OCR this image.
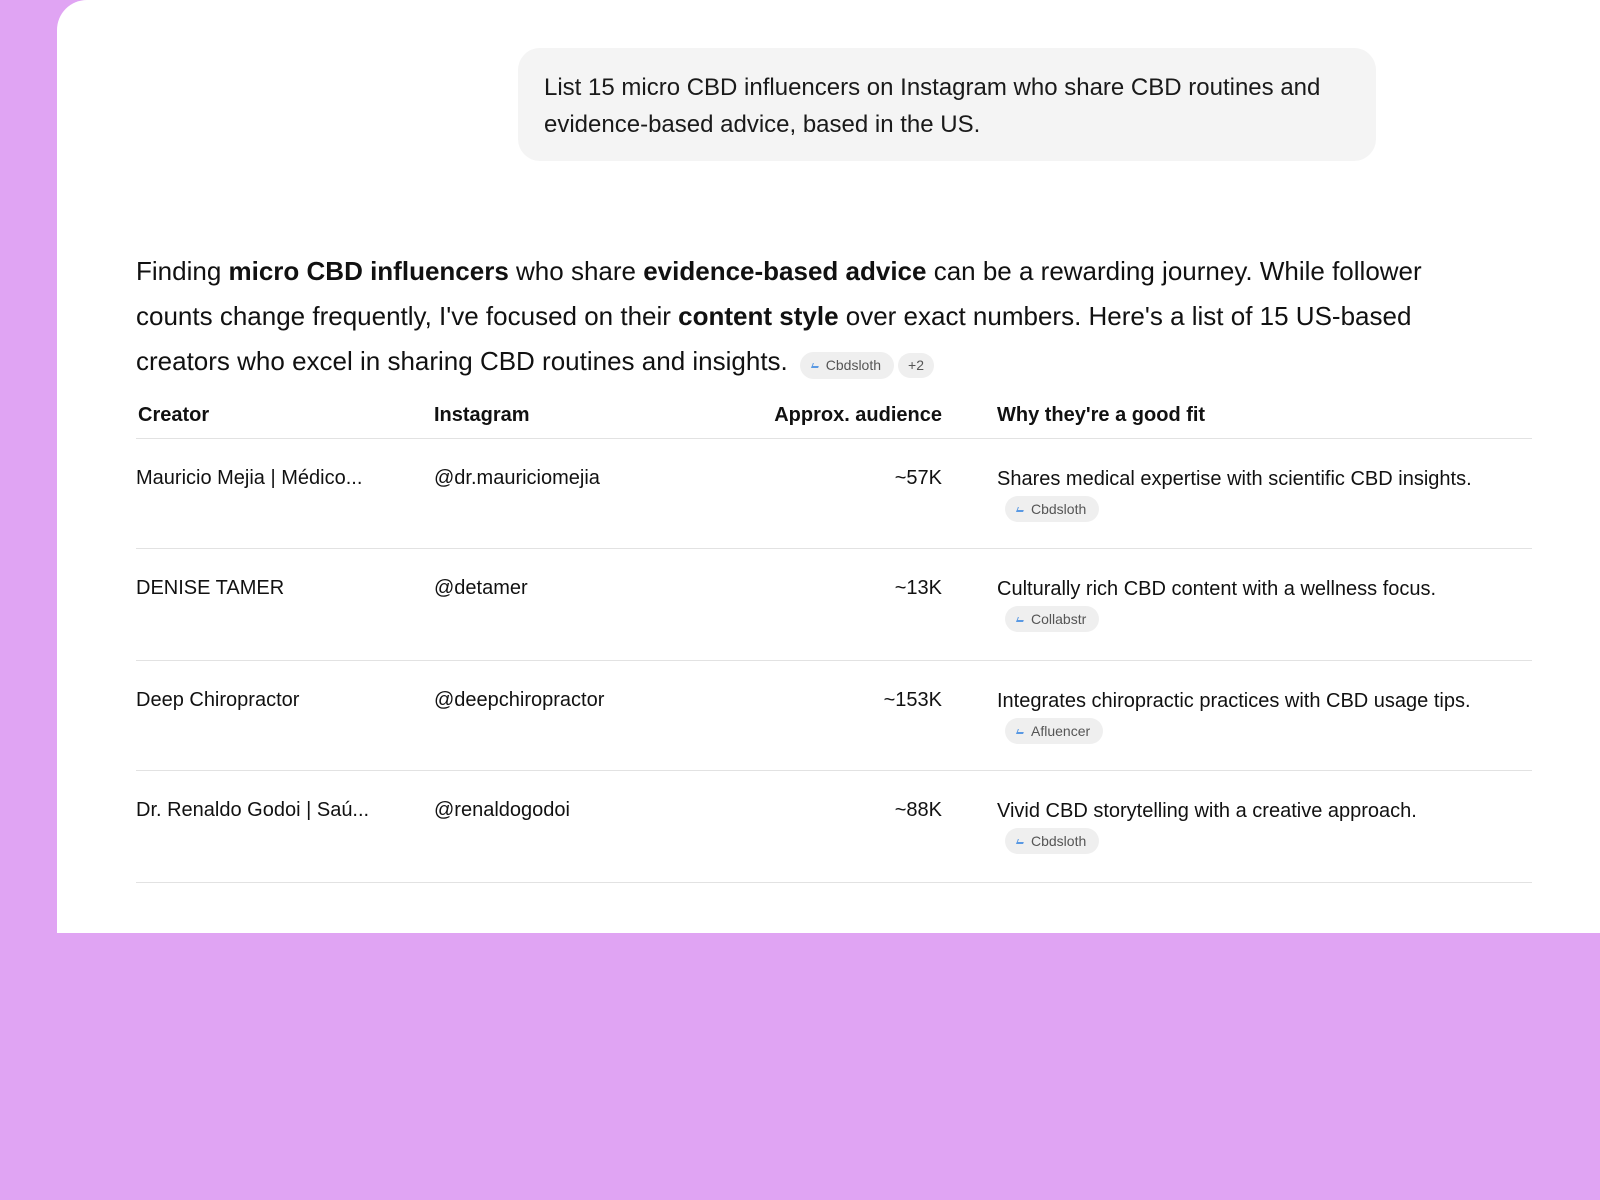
List 15 micro CBD influencers on Instagram who share CBD routines and evidence-based advice, based in the US.
Finding micro CBD influencers who share evidence-based advice can be a rewarding journey. While follower counts change frequently, I've focused on their content style over exact numbers. Here's a list of 15 US-based creators who excel in sharing CBD routines and insights.	Cbdsloth	+2
Creator	Instagram	Approx. audience	Why they're a good fit
Mauricio Mejia | Médico...	@dr.mauriciomejia	~57K	Shares medical expertise with scientific CBD insights.
Cbdsloth
DENISE TAMER	@detamer	~13K	Culturally rich CBD content with a wellness focus.
Collabstr
Deep Chiropractor	@deepchiropractor	~153K	Integrates chiropractic practices with CBD usage tips.
Afluencer
Dr. Renaldo Godoi | Saú...	@renaldogodoi	~88K	Vivid CBD storytelling with a creative approach.
Cbdsloth
